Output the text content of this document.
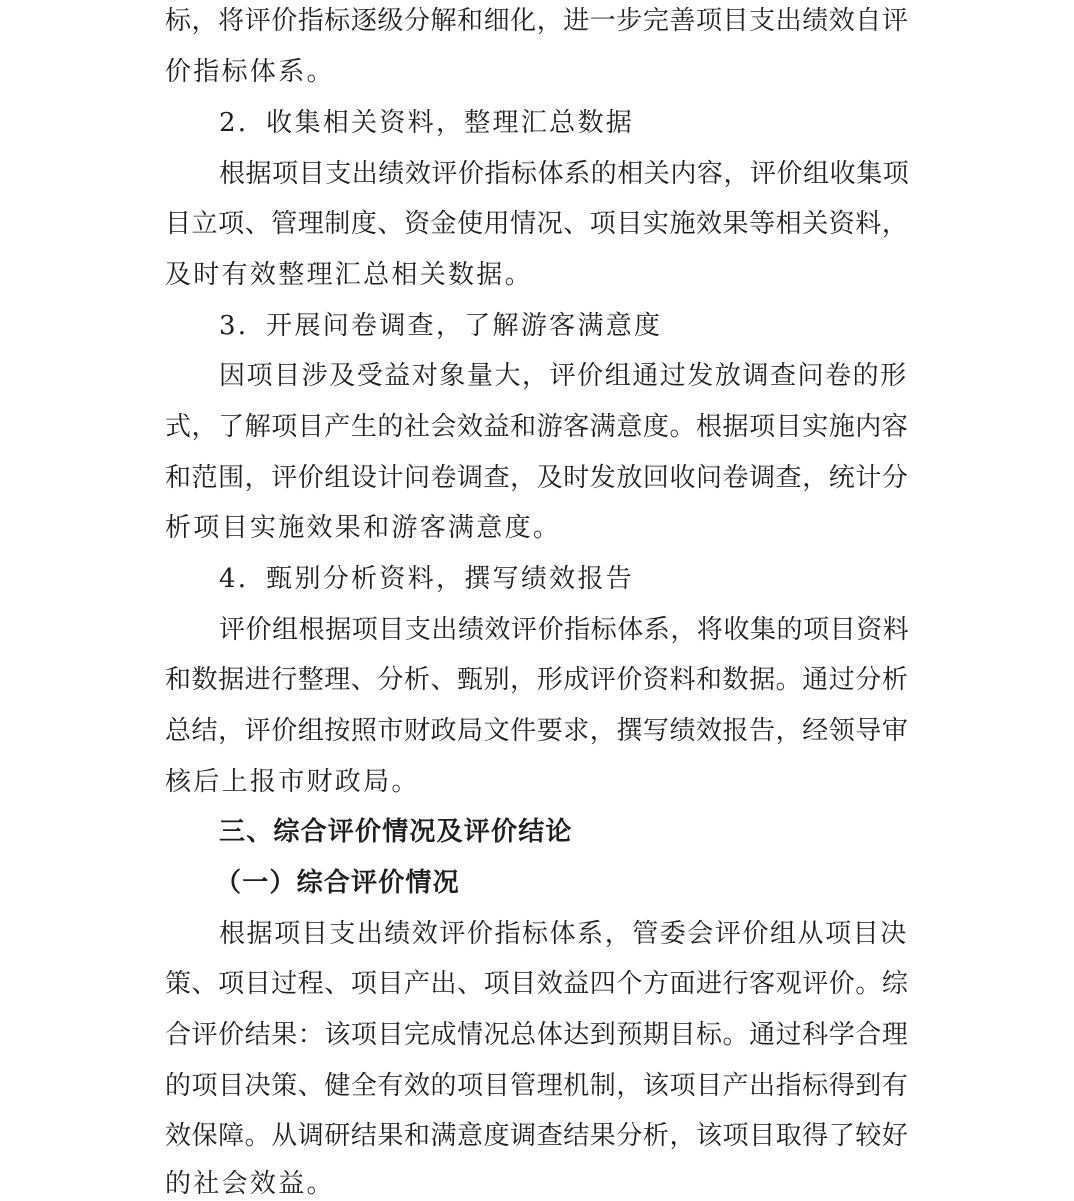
标，将评价指标逐级分解和细化，进一步完善项目支出绩效自评
价指标体系。
2．收集相关资料，整理汇总数据
根据项目支出绩效评价指标体系的相关内容，评价组收集项
目立项、管理制度、资金使用情况、项目实施效果等相关资料，
及时有效整理汇总相关数据。
3．开展问卷调查，了解游客满意度
因项目涉及受益对象量大，评价组通过发放调查问卷的形
式，了解项目产生的社会效益和游客满意度。根据项目实施内容
和范围，评价组设计问卷调查，及时发放回收问卷调查，统计分
析项目实施效果和游客满意度。
4．甄别分析资料，撰写绩效报告
评价组根据项目支出绩效评价指标体系，将收集的项目资料
和数据进行整理、分析、甄别，形成评价资料和数据。通过分析
总结，评价组按照市财政局文件要求，撰写绩效报告，经领导审
核后上报市财政局。
三、综合评价情况及评价结论
（一）综合评价情况
根据项目支出绩效评价指标体系，管委会评价组从项目决
策、项目过程、项目产出、项目效益四个方面进行客观评价。综
合评价结果：该项目完成情况总体达到预期目标。通过科学合理
的项目决策、健全有效的项目管理机制，该项目产出指标得到有
效保障。从调研结果和满意度调查结果分析，该项目取得了较好
的社会效益。
